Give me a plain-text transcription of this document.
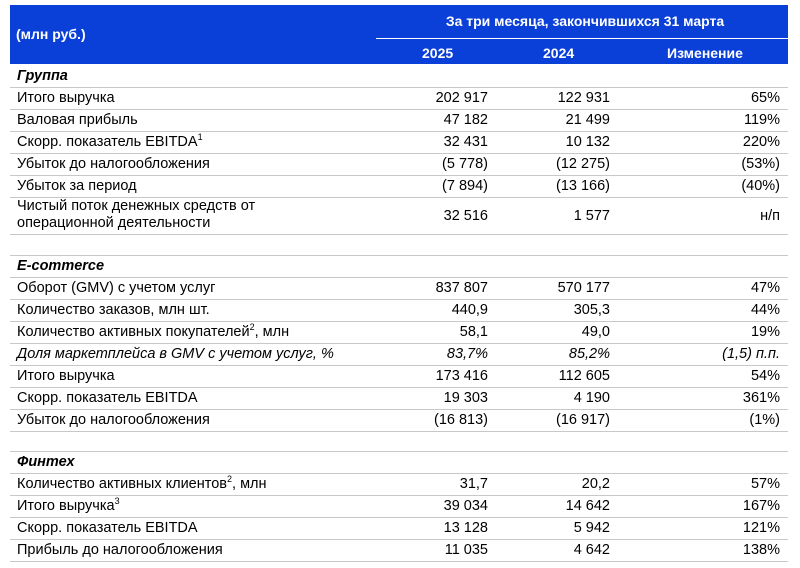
(млн руб.)
За три месяца, закончившихся 31 марта
2025	2024	Изменение
Группа
Итого выручка	202 917	122 931	65%
Валовая прибыль	47 182	21 499	119%
Скорр. показатель EBITDA$^1$	32 431	10 132	220%
Убыток до налогообложения	(5 778)	(12 275)	(53%)
Убыток за период	(7 894)	(13 166)	(40%)
Чистый поток денежных средств от
операционной деятельности	32 516	1 577	н/п
E-commerce
Оборот (GMV) с учетом услуг	837 807	570 177	47%
Количество заказов, млн шт.	440,9	305,3	44%
Количество активных покупателей$^2$, млн	58,1	49,0	19%
Доля маркетплейса в GMV с учетом услуг, %	83,7%	85,2%	(1,5) п.п.
Итого выручка	173 416	112 605	54%
Скорр. показатель EBITDA	19 303	4 190	361%
Убыток до налогообложения	(16 813)	(16 917)	(1%)
Финтех
Количество активных клиентов$^2$, млн	31,7	20,2	57%
Итого выручка$^3$	39 034	14 642	167%
Скорр. показатель EBITDA	13 128	5 942	121%
Прибыль до налогообложения	11 035	4 642	138%
